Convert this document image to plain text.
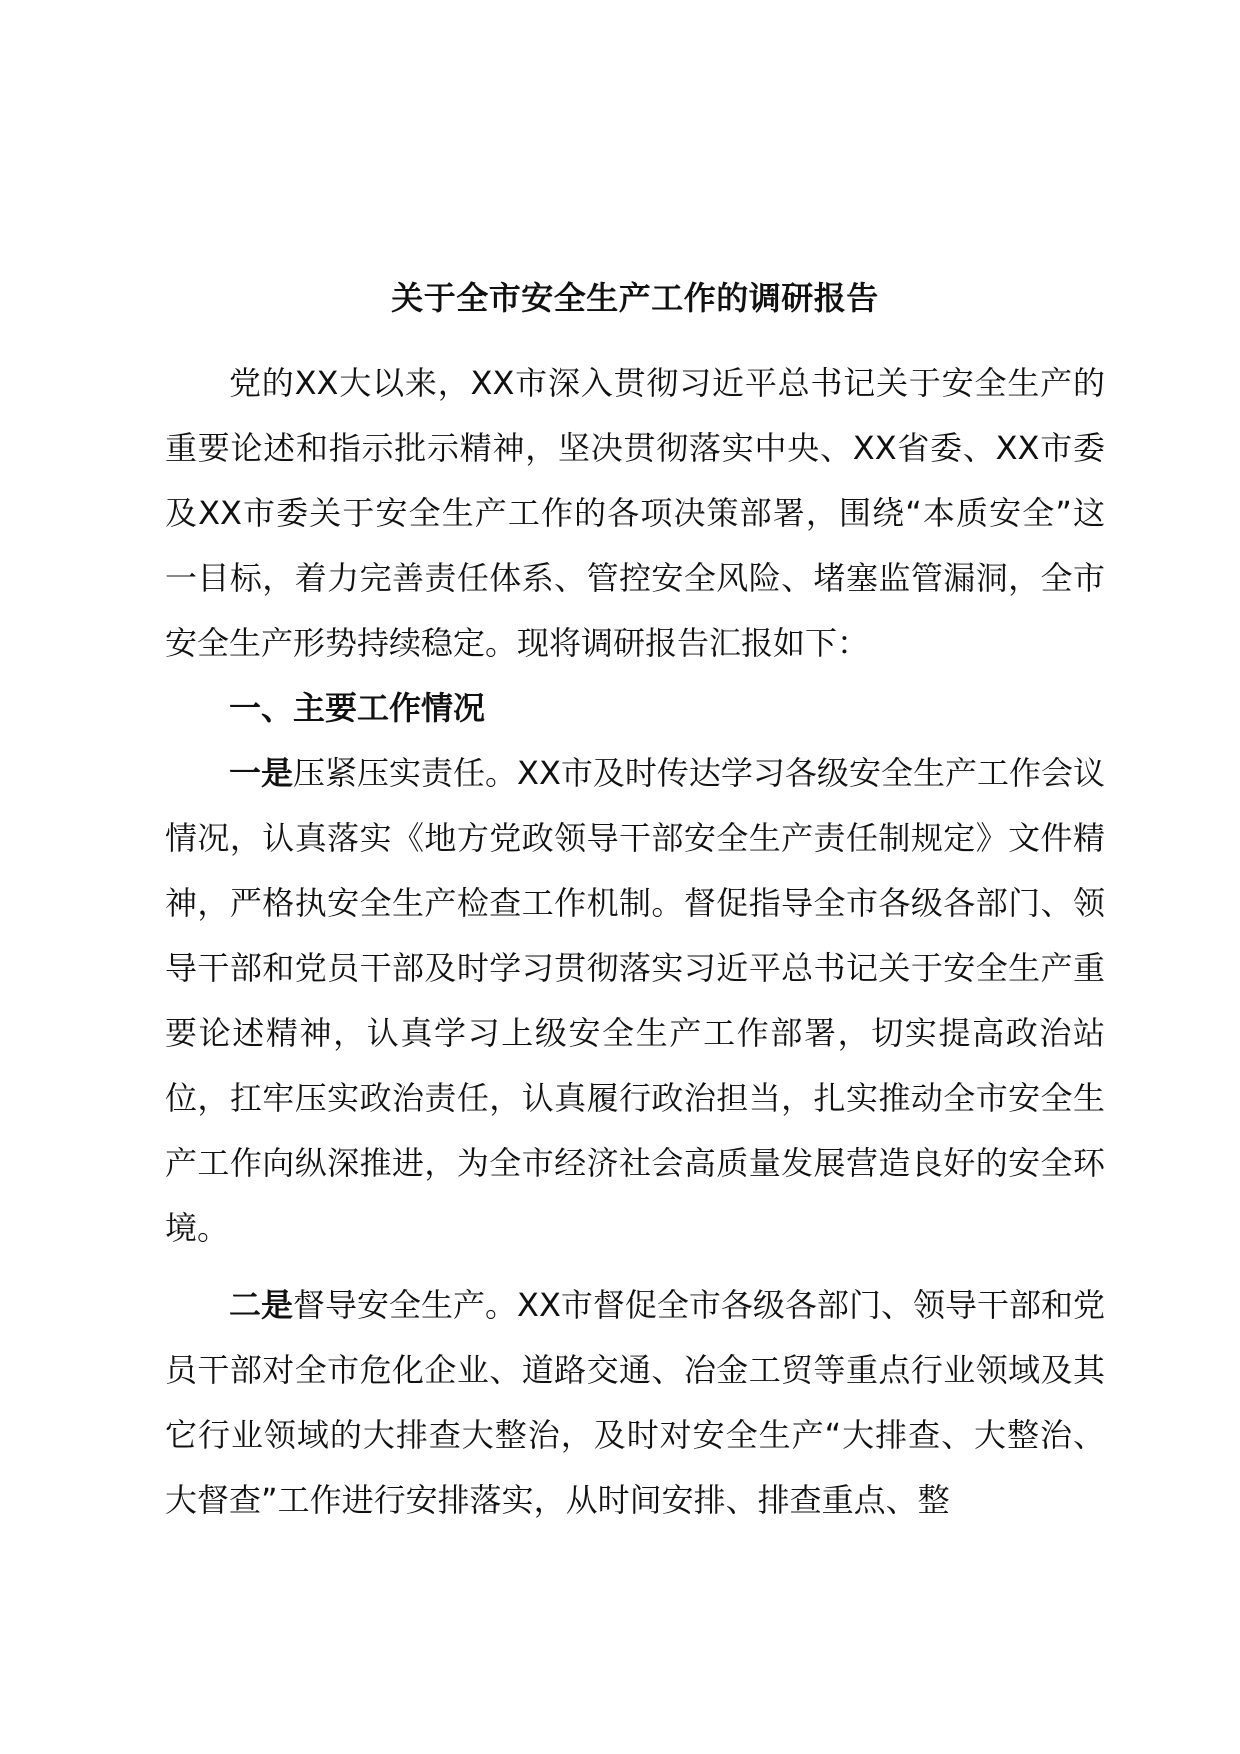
关于全市安全生产工作的调研报告

党的XX大以来，XX市深入贯彻习近平总书记关于安全生产的重要论述和指示批示精神，坚决贯彻落实中央、XX省委、XX市委及XX市委关于安全生产工作的各项决策部署，围绕“本质安全”这一目标，着力完善责任体系、管控安全风险、堵塞监管漏洞，全市安全生产形势持续稳定。现将调研报告汇报如下：

一、主要工作情况

一是压紧压实责任。XX市及时传达学习各级安全生产工作会议情况，认真落实《地方党政领导干部安全生产责任制规定》文件精神，严格执安全生产检查工作机制。督促指导全市各级各部门、领导干部和党员干部及时学习贯彻落实习近平总书记关于安全生产重要论述精神，认真学习上级安全生产工作部署，切实提高政治站位，扛牢压实政治责任，认真履行政治担当，扎实推动全市安全生产工作向纵深推进，为全市经济社会高质量发展营造良好的安全环境。

二是督导安全生产。XX市督促全市各级各部门、领导干部和党员干部对全市危化企业、道路交通、冶金工贸等重点行业领域及其它行业领域的大排查大整治，及时对安全生产“大排查、大整治、大督查”工作进行安排落实，从时间安排、排查重点、整
